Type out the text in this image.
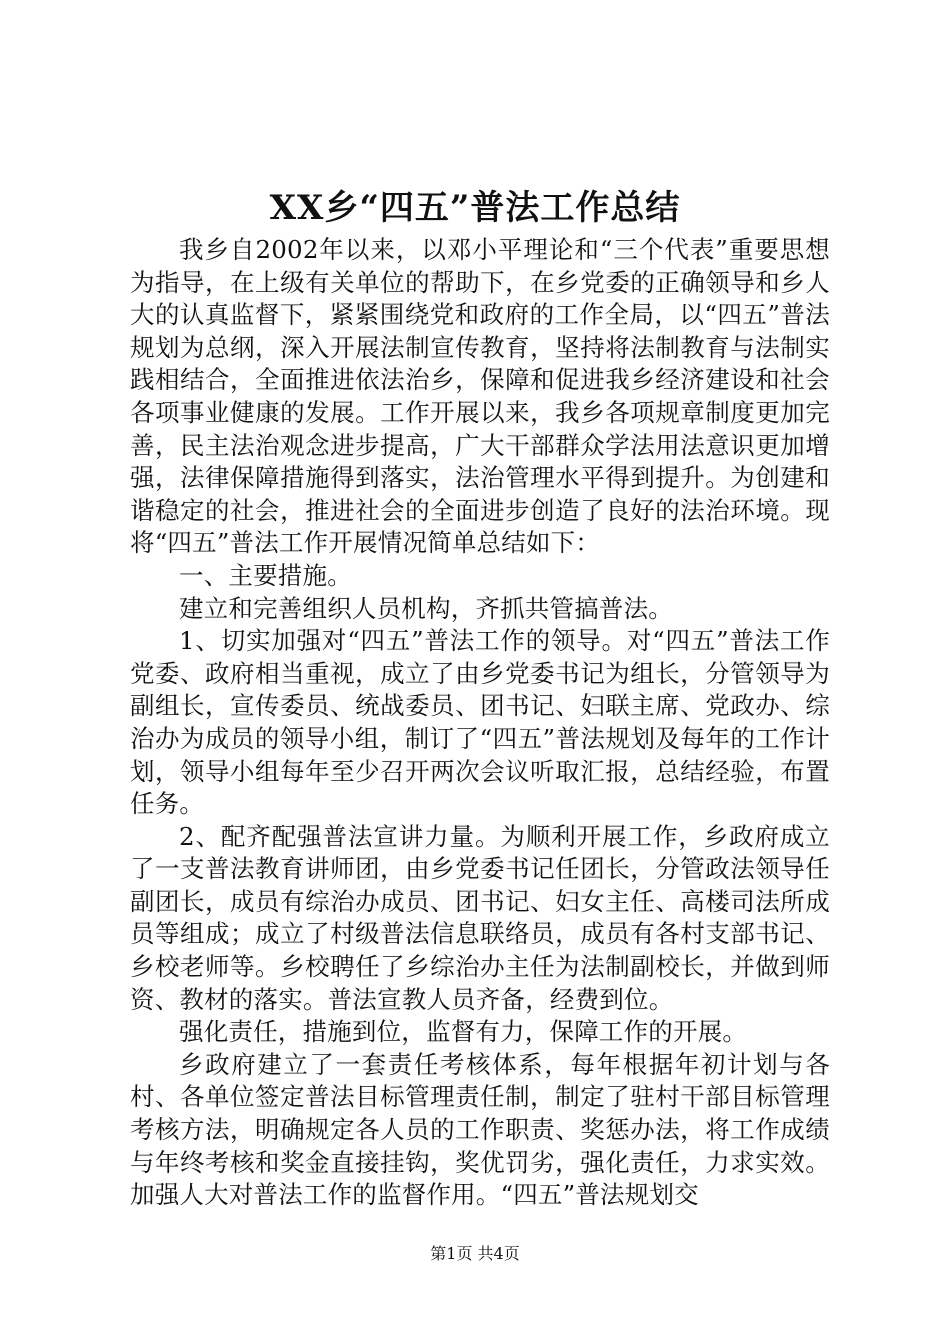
XX乡“四五”普法工作总结

我乡自2002年以来，以邓小平理论和“三个代表”重要思想为指导，在上级有关单位的帮助下，在乡党委的正确领导和乡人大的认真监督下，紧紧围绕党和政府的工作全局，以“四五”普法规划为总纲，深入开展法制宣传教育，坚持将法制教育与法制实践相结合，全面推进依法治乡，保障和促进我乡经济建设和社会各项事业健康的发展。工作开展以来，我乡各项规章制度更加完善，民主法治观念进步提高，广大干部群众学法用法意识更加增强，法律保障措施得到落实，法治管理水平得到提升。为创建和谐稳定的社会，推进社会的全面进步创造了良好的法治环境。现将“四五”普法工作开展情况简单总结如下：

一、主要措施。

建立和完善组织人员机构，齐抓共管搞普法。

1、切实加强对“四五”普法工作的领导。对“四五”普法工作党委、政府相当重视，成立了由乡党委书记为组长，分管领导为副组长，宣传委员、统战委员、团书记、妇联主席、党政办、综治办为成员的领导小组，制订了“四五”普法规划及每年的工作计划，领导小组每年至少召开两次会议听取汇报，总结经验，布置任务。

2、配齐配强普法宣讲力量。为顺利开展工作，乡政府成立了一支普法教育讲师团，由乡党委书记任团长，分管政法领导任副团长，成员有综治办成员、团书记、妇女主任、高楼司法所成员等组成；成立了村级普法信息联络员，成员有各村支部书记、乡校老师等。乡校聘任了乡综治办主任为法制副校长，并做到师资、教材的落实。普法宣教人员齐备，经费到位。

强化责任，措施到位，监督有力，保障工作的开展。

乡政府建立了一套责任考核体系，每年根据年初计划与各村、各单位签定普法目标管理责任制，制定了驻村干部目标管理考核方法，明确规定各人员的工作职责、奖惩办法，将工作成绩与年终考核和奖金直接挂钩，奖优罚劣，强化责任，力求实效。加强人大对普法工作的监督作用。“四五”普法规划交

第1页 共4页
